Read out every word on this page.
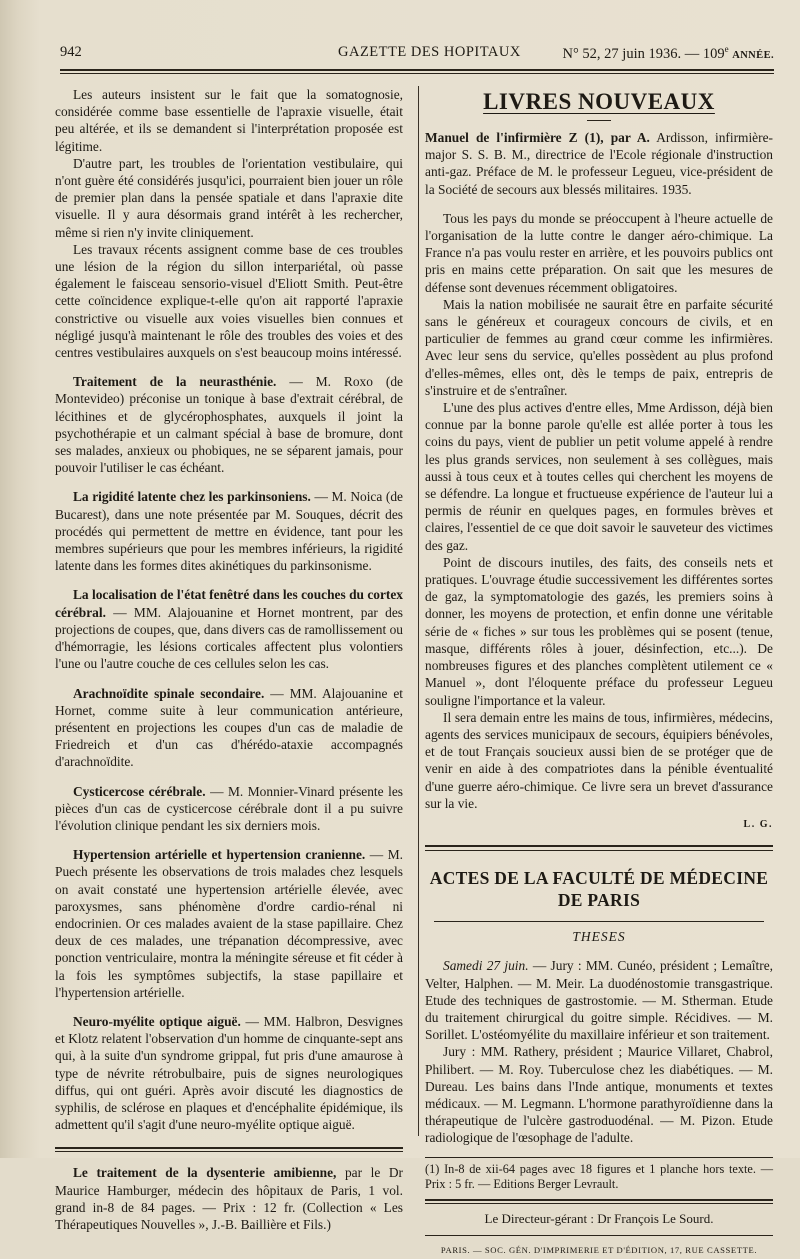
942	GAZETTE DES HOPITAUX	N° 52, 27 juin 1936. — 109e ANNÉE.

Les auteurs insistent sur le fait que la somatognosie, considérée comme base essentielle de l'apraxie visuelle, était peu altérée, et ils se demandent si l'interprétation proposée est légitime.

D'autre part, les troubles de l'orientation vestibulaire, qui n'ont guère été considérés jusqu'ici, pourraient bien jouer un rôle de premier plan dans la pensée spatiale et dans l'apraxie dite visuelle. Il y aura désormais grand intérêt à les rechercher, même si rien n'y invite cliniquement.

Les travaux récents assignent comme base de ces troubles une lésion de la région du sillon interpariétal, où passe également le faisceau sensorio-visuel d'Eliott Smith. Peut-être cette coïncidence explique-t-elle qu'on ait rapporté l'apraxie constrictive ou visuelle aux voies visuelles bien connues et négligé jusqu'à maintenant le rôle des troubles des voies et des centres vestibulaires auxquels on s'est beaucoup moins intéressé.

Traitement de la neurasthénie. — M. Roxo (de Montevideo) préconise un tonique à base d'extrait cérébral, de lécithines et de glycérophosphates, auxquels il joint la psychothérapie et un calmant spécial à base de bromure, dont ses malades, anxieux ou phobiques, ne se séparent jamais, pour pouvoir l'utiliser le cas échéant.

La rigidité latente chez les parkinsoniens. — M. Noica (de Bucarest), dans une note présentée par M. Souques, décrit des procédés qui permettent de mettre en évidence, tant pour les membres supérieurs que pour les membres inférieurs, la rigidité latente dans les formes dites akinétiques du parkinsonisme.

La localisation de l'état fenêtré dans les couches du cortex cérébral. — MM. Alajouanine et Hornet montrent, par des projections de coupes, que, dans divers cas de ramollissement ou d'hémorragie, les lésions corticales affectent plus volontiers l'une ou l'autre couche de ces cellules selon les cas.

Arachnoïdite spinale secondaire. — MM. Alajouanine et Hornet, comme suite à leur communication antérieure, présentent en projections les coupes d'un cas de maladie de Friedreich et d'un cas d'hérédo-ataxie accompagnés d'arachnoïdite.

Cysticercose cérébrale. — M. Monnier-Vinard présente les pièces d'un cas de cysticercose cérébrale dont il a pu suivre l'évolution clinique pendant les six derniers mois.

Hypertension artérielle et hypertension cranienne. — M. Puech présente les observations de trois malades chez lesquels on avait constaté une hypertension artérielle élevée, avec paroxysmes, sans phénomène d'ordre cardio-rénal ni endocrinien. Or ces malades avaient de la stase papillaire. Chez deux de ces malades, une trépanation décompressive, avec ponction ventriculaire, montra la méningite séreuse et fit céder à la fois les symptômes subjectifs, la stase papillaire et l'hypertension artérielle.

Neuro-myélite optique aiguë. — MM. Halbron, Desvignes et Klotz relatent l'observation d'un homme de cinquante-sept ans qui, à la suite d'un syndrome grippal, fut pris d'une amaurose à type de névrite rétrobulbaire, puis de signes neurologiques diffus, qui ont guéri. Après avoir discuté les diagnostics de syphilis, de sclérose en plaques et d'encéphalite épidémique, ils admettent qu'il s'agit d'une neuro-myélite optique aiguë.

Le traitement de la dysenterie amibienne, par le Dr Maurice Hamburger, médecin des hôpitaux de Paris, 1 vol. grand in-8 de 84 pages. — Prix : 12 fr. (Collection « Les Thérapeutiques Nouvelles », J.-B. Baillière et Fils.)

LIVRES NOUVEAUX

Manuel de l'infirmière Z (1), par A. Ardisson, infirmière-major S. S. B. M., directrice de l'Ecole régionale d'instruction anti-gaz. Préface de M. le professeur Legueu, vice-président de la Société de secours aux blessés militaires. 1935.

Tous les pays du monde se préoccupent à l'heure actuelle de l'organisation de la lutte contre le danger aéro-chimique. La France n'a pas voulu rester en arrière, et les pouvoirs publics ont pris en mains cette préparation. On sait que les mesures de défense sont devenues récemment obligatoires.

Mais la nation mobilisée ne saurait être en parfaite sécurité sans le généreux et courageux concours de civils, et en particulier de femmes au grand cœur comme les infirmières. Avec leur sens du service, qu'elles possèdent au plus profond d'elles-mêmes, elles ont, dès le temps de paix, entrepris de s'instruire et de s'entraîner.

L'une des plus actives d'entre elles, Mme Ardisson, déjà bien connue par la bonne parole qu'elle est allée porter à tous les coins du pays, vient de publier un petit volume appelé à rendre les plus grands services, non seulement à ses collègues, mais aussi à tous ceux et à toutes celles qui cherchent les moyens de se défendre. La longue et fructueuse expérience de l'auteur lui a permis de réunir en quelques pages, en formules brèves et claires, l'essentiel de ce que doit savoir le sauveteur des victimes des gaz.

Point de discours inutiles, des faits, des conseils nets et pratiques. L'ouvrage étudie successivement les différentes sortes de gaz, la symptomatologie des gazés, les premiers soins à donner, les moyens de protection, et enfin donne une véritable série de « fiches » sur tous les problèmes qui se posent (tenue, masque, différents rôles à jouer, désinfection, etc...). De nombreuses figures et des planches complètent utilement ce « Manuel », dont l'éloquente préface du professeur Legueu souligne l'importance et la valeur.

Il sera demain entre les mains de tous, infirmières, médecins, agents des services municipaux de secours, équipiers bénévoles, et de tout Français soucieux aussi bien de se protéger que de venir en aide à des compatriotes dans la pénible éventualité d'une guerre aéro-chimique. Ce livre sera un brevet d'assurance sur la vie.

L. G.
ACTES DE LA FACULTÉ DE MÉDECINE DE PARIS
THESES

Samedi 27 juin. — Jury : MM. Cunéo, président ; Lemaître, Velter, Halphen. — M. Meir. La duodénostomie transgastrique. Etude des techniques de gastrostomie. — M. Stherman. Etude du traitement chirurgical du goitre simple. Récidives. — M. Sorillet. L'ostéomyélite du maxillaire inférieur et son traitement.

Jury : MM. Rathery, président ; Maurice Villaret, Chabrol, Philibert. — M. Roy. Tuberculose chez les diabétiques. — M. Dureau. Les bains dans l'Inde antique, monuments et textes médicaux. — M. Legmann. L'hormone parathyroïdienne dans la thérapeutique de l'ulcère gastroduodénal. — M. Pizon. Etude radiologique de l'œsophage de l'adulte.

(1) In-8 de xii-64 pages avec 18 figures et 1 planche hors texte. — Prix : 5 fr. — Editions Berger Levrault.

Le Directeur-gérant : Dr François Le Sourd.
PARIS. — SOC. GÉN. D'IMPRIMERIE ET D'ÉDITION, 17, RUE CASSETTE.
